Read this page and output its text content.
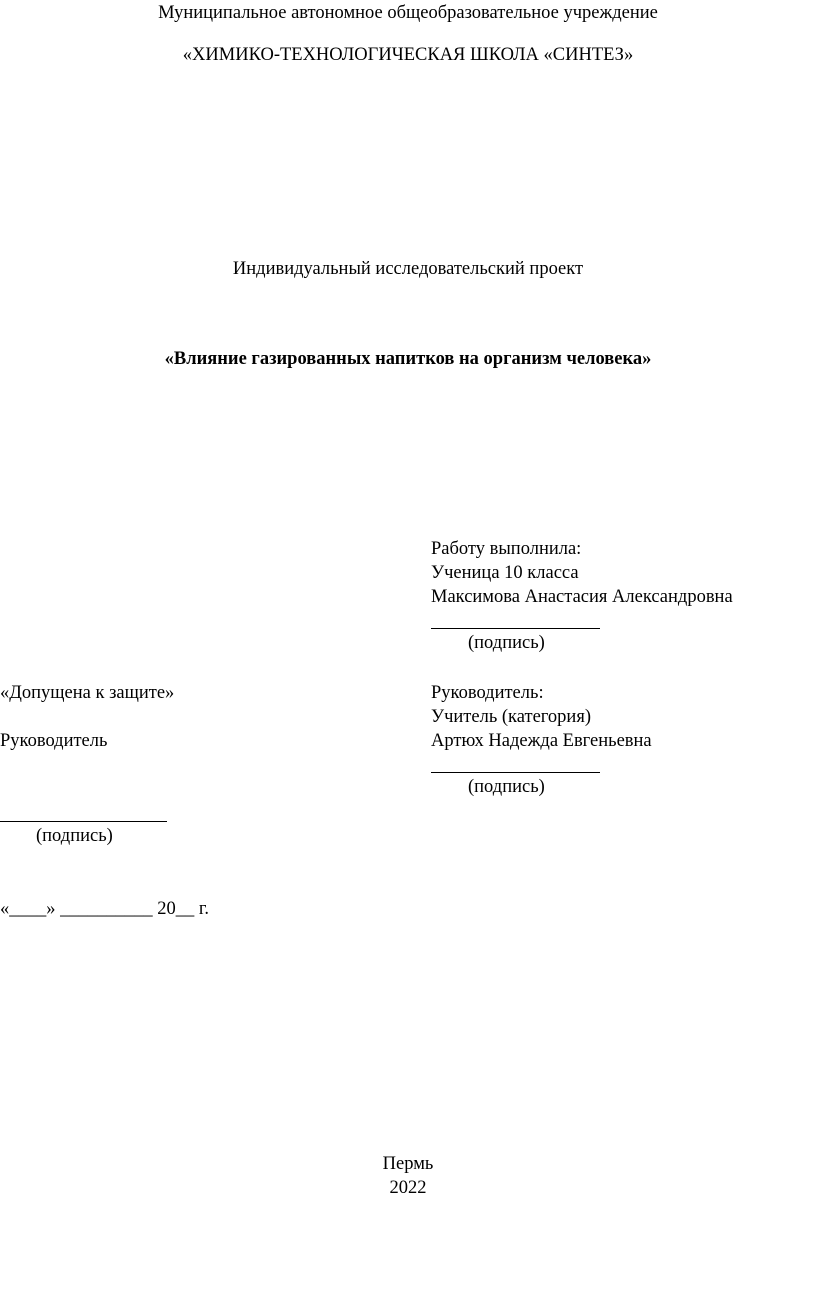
Муниципальное автономное общеобразовательное учреждение
«ХИМИКО-ТЕХНОЛОГИЧЕСКАЯ ШКОЛА «СИНТЕЗ»
Индивидуальный исследовательский проект
«Влияние газированных напитков на организм человека»
Работу выполнила:
Ученица 10 класса
Максимова Анастасия Александровна
(подпись)
«Допущена к защите»
Руководитель
(подпись)
«____» __________ 20__ г.
Руководитель:
Учитель (категория)
Артюх Надежда Евгеньевна
(подпись)
Пермь
2022
